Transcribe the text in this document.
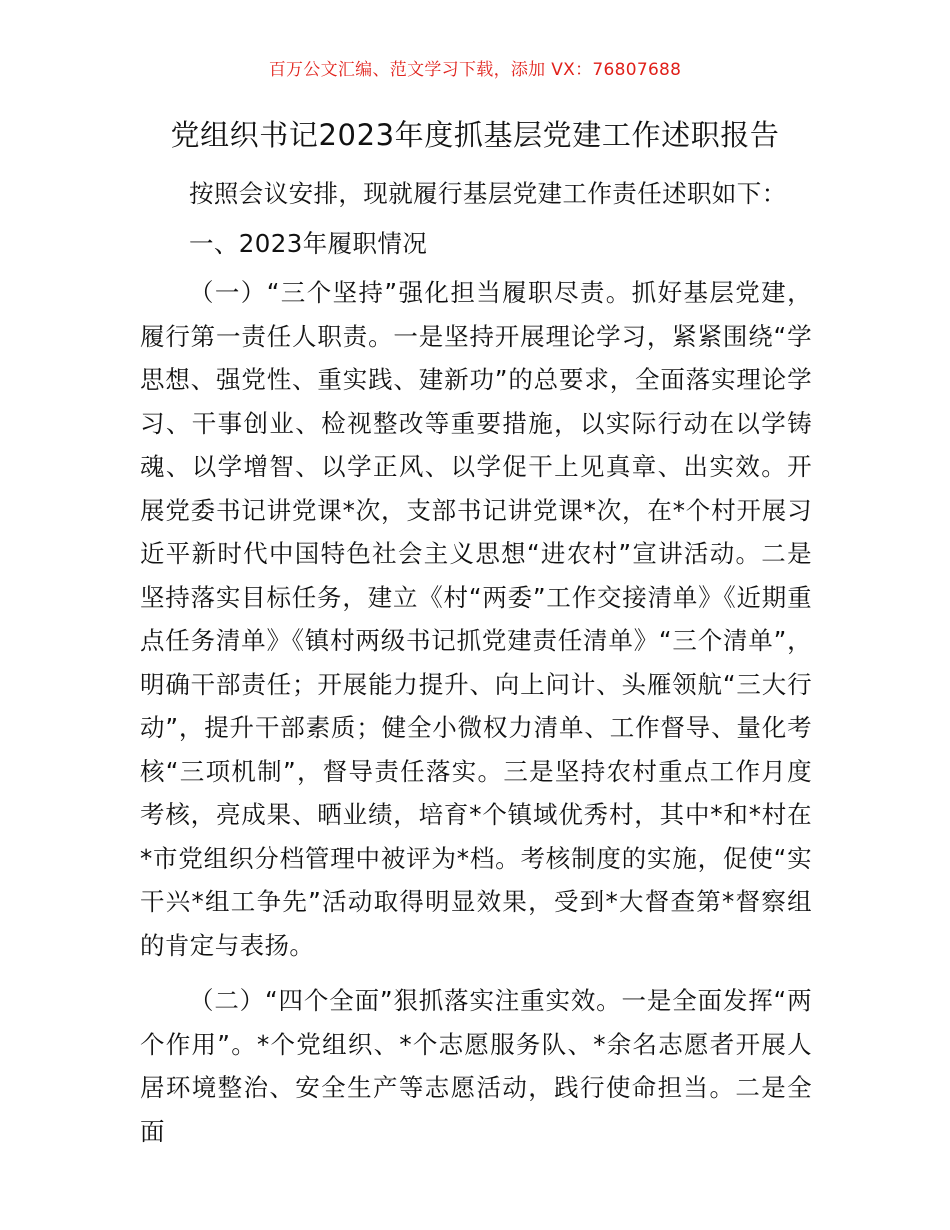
百万公文汇编、范文学习下载，添加 VX：76807688
党组织书记2023年度抓基层党建工作述职报告

按照会议安排，现就履行基层党建工作责任述职如下：

一、2023年履职情况

（一）“三个坚持”强化担当履职尽责。抓好基层党建，履行第一责任人职责。一是坚持开展理论学习，紧紧围绕“学思想、强党性、重实践、建新功”的总要求，全面落实理论学习、干事创业、检视整改等重要措施，以实际行动在以学铸魂、以学增智、以学正风、以学促干上见真章、出实效。开展党委书记讲党课*次，支部书记讲党课*次，在*个村开展习近平新时代中国特色社会主义思想“进农村”宣讲活动。二是坚持落实目标任务，建立《村“两委”工作交接清单》《近期重点任务清单》《镇村两级书记抓党建责任清单》“三个清单”，明确干部责任；开展能力提升、向上问计、头雁领航“三大行动”，提升干部素质；健全小微权力清单、工作督导、量化考核“三项机制”，督导责任落实。三是坚持农村重点工作月度考核，亮成果、晒业绩，培育*个镇域优秀村，其中*和*村在*市党组织分档管理中被评为*档。考核制度的实施，促使“实干兴*组工争先”活动取得明显效果，受到*大督查第*督察组的肯定与表扬。

（二）“四个全面”狠抓落实注重实效。一是全面发挥“两个作用”。*个党组织、*个志愿服务队、*余名志愿者开展人居环境整治、安全生产等志愿活动，践行使命担当。二是全面
